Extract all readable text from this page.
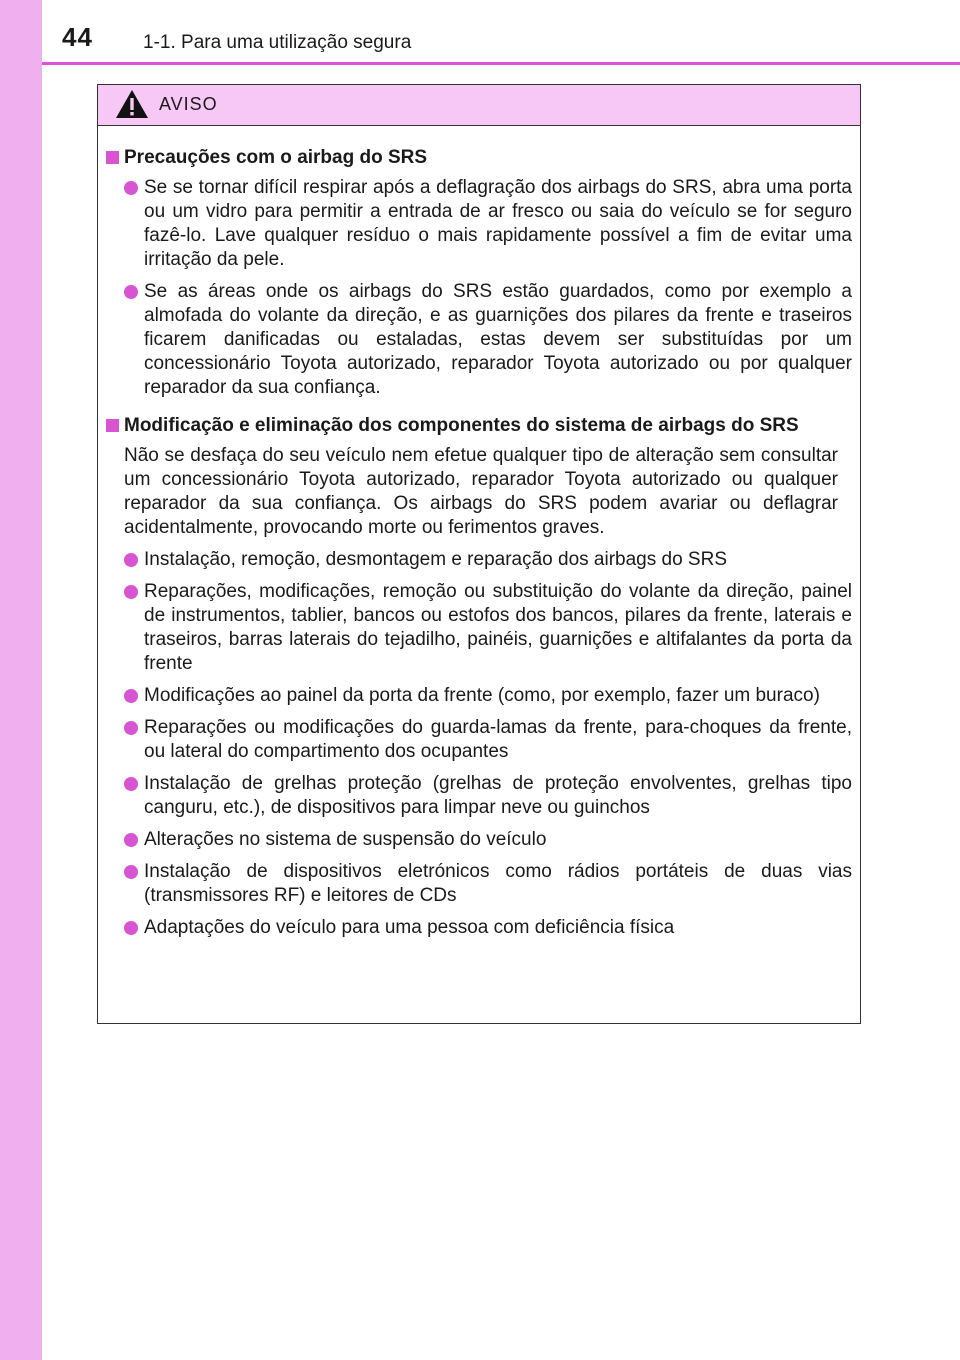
44	1-1. Para uma utilização segura
AVISO
Precauções com o airbag do SRS
Se se tornar difícil respirar após a deflagração dos airbags do SRS, abra uma porta ou um vidro para permitir a entrada de ar fresco ou saia do veículo se for seguro fazê-lo. Lave qualquer resíduo o mais rapidamente possível a fim de evitar uma irritação da pele.
Se as áreas onde os airbags do SRS estão guardados, como por exemplo a almofada do volante da direção, e as guarnições dos pilares da frente e traseiros ficarem danificadas ou estaladas, estas devem ser substituídas por um concessionário Toyota autorizado, reparador Toyota autorizado ou por qualquer reparador da sua confiança.
Modificação e eliminação dos componentes do sistema de airbags do SRS
Não se desfaça do seu veículo nem efetue qualquer tipo de alteração sem consultar um concessionário Toyota autorizado, reparador Toyota autorizado ou qualquer reparador da sua confiança. Os airbags do SRS podem avariar ou deflagrar acidentalmente, provocando morte ou ferimentos graves.
Instalação, remoção, desmontagem e reparação dos airbags do SRS
Reparações, modificações, remoção ou substituição do volante da direção, painel de instrumentos, tablier, bancos ou estofos dos bancos, pilares da frente, laterais e traseiros, barras laterais do tejadilho, painéis, guarnições e altifalantes da porta da frente
Modificações ao painel da porta da frente (como, por exemplo, fazer um buraco)
Reparações ou modificações do guarda-lamas da frente, para-choques da frente, ou lateral do compartimento dos ocupantes
Instalação de grelhas proteção (grelhas de proteção envolventes, grelhas tipo canguru, etc.), de dispositivos para limpar neve ou guinchos
Alterações no sistema de suspensão do veículo
Instalação de dispositivos eletrónicos como rádios portáteis de duas vias (transmissores RF) e leitores de CDs
Adaptações do veículo para uma pessoa com deficiência física
